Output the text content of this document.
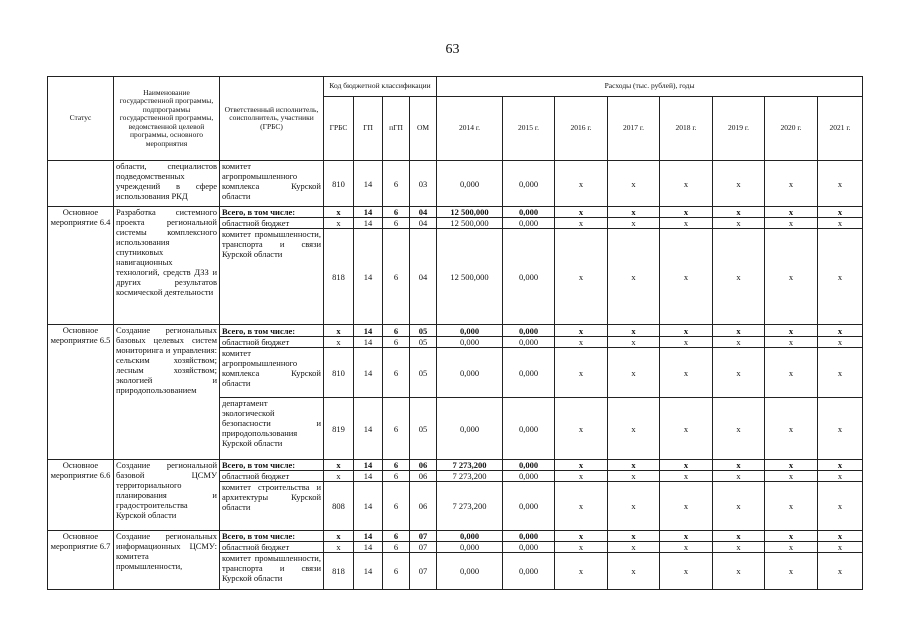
63
Статус	Наименование государственной программы, подпрограммы государственной программы, ведомственной целевой программы, основного мероприятия	Ответственный исполнитель, соисполнитель, участники (ГРБС)	Код бюджетной классификации				Расходы (тыс. рублей), годы							
			ГРБС	ГП	пГП	ОМ	2014 г.	2015 г.	2016 г.	2017 г.	2018 г.	2019 г.	2020 г.	2021 г.
	области, специалистов подведомственных учреждений в сфере использования РКД	комитет агропромышленного комплекса Курской области	810	14	6	03	0,000	0,000	x	x	x	x	x	x
Основное мероприятие 6.4	Разработка системного проекта региональной системы комплексного использования спутниковых навигационных технологий, средств ДЗЗ и других результатов космической деятельности	Всего, в том числе:	x	14	6	04	12 500,000	0,000	x	x	x	x	x	x
		областной бюджет	x	14	6	04	12 500,000	0,000	x	x	x	x	x	x
		комитет промышленности, транспорта и связи Курской области	818	14	6	04	12 500,000	0,000	x	x	x	x	x	x
Основное мероприятие 6.5	Создание региональных базовых целевых систем мониторинга и управления: сельским хозяйством; лесным хозяйством; экологией и природопользованием	Всего, в том числе:	x	14	6	05	0,000	0,000	x	x	x	x	x	x
		областной бюджет	x	14	6	05	0,000	0,000	x	x	x	x	x	x
		комитет агропромышленного комплекса Курской области	810	14	6	05	0,000	0,000	x	x	x	x	x	x
		департамент экологической безопасности и природопользования Курской области	819	14	6	05	0,000	0,000	x	x	x	x	x	x
Основное мероприятие 6.6	Создание региональной базовой ЦСМУ территориального планирования и градостроительства Курской области	Всего, в том числе:	x	14	6	06	7 273,200	0,000	x	x	x	x	x	x
		областной бюджет	x	14	6	06	7 273,200	0,000	x	x	x	x	x	x
		комитет строительства и архитектуры Курской области	808	14	6	06	7 273,200	0,000	x	x	x	x	x	x
Основное мероприятие 6.7	Создание региональных информационных ЦСМУ: комитета промышленности,	Всего, в том числе:	x	14	6	07	0,000	0,000	x	x	x	x	x	x
		областной бюджет	x	14	6	07	0,000	0,000	x	x	x	x	x	x
		комитет промышленности, транспорта и связи Курской области	818	14	6	07	0,000	0,000	x	x	x	x	x	x
